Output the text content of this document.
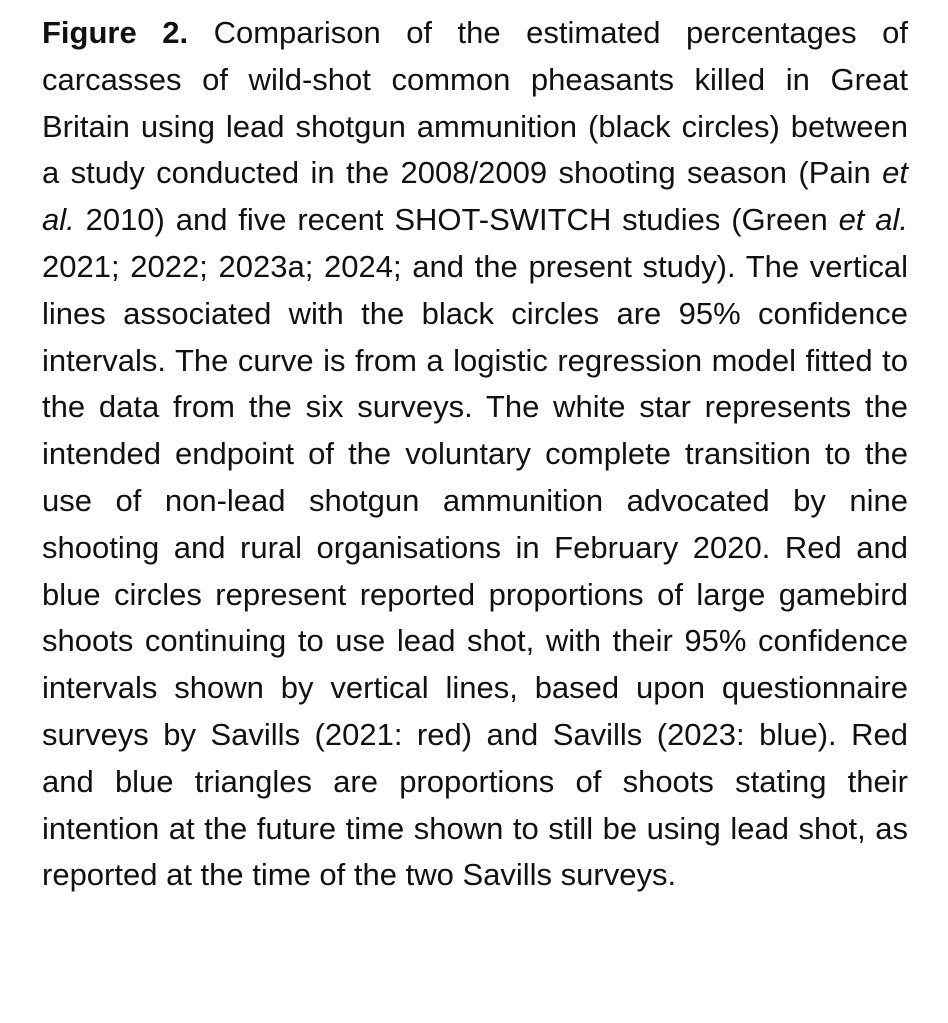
Figure 2. Comparison of the estimated percentages of carcasses of wild-shot common pheasants killed in Great Britain using lead shotgun ammunition (black circles) between a study conducted in the 2008/2009 shooting season (Pain et al. 2010) and five recent SHOT-SWITCH studies (Green et al. 2021; 2022; 2023a; 2024; and the present study). The vertical lines associated with the black circles are 95% confidence intervals. The curve is from a logistic regression model fitted to the data from the six surveys. The white star represents the intended endpoint of the voluntary complete transition to the use of non-lead shotgun ammunition advocated by nine shooting and rural organisations in February 2020. Red and blue circles represent reported proportions of large gamebird shoots continuing to use lead shot, with their 95% confidence intervals shown by vertical lines, based upon questionnaire surveys by Savills (2021: red) and Savills (2023: blue). Red and blue triangles are proportions of shoots stating their intention at the future time shown to still be using lead shot, as reported at the time of the two Savills surveys.
